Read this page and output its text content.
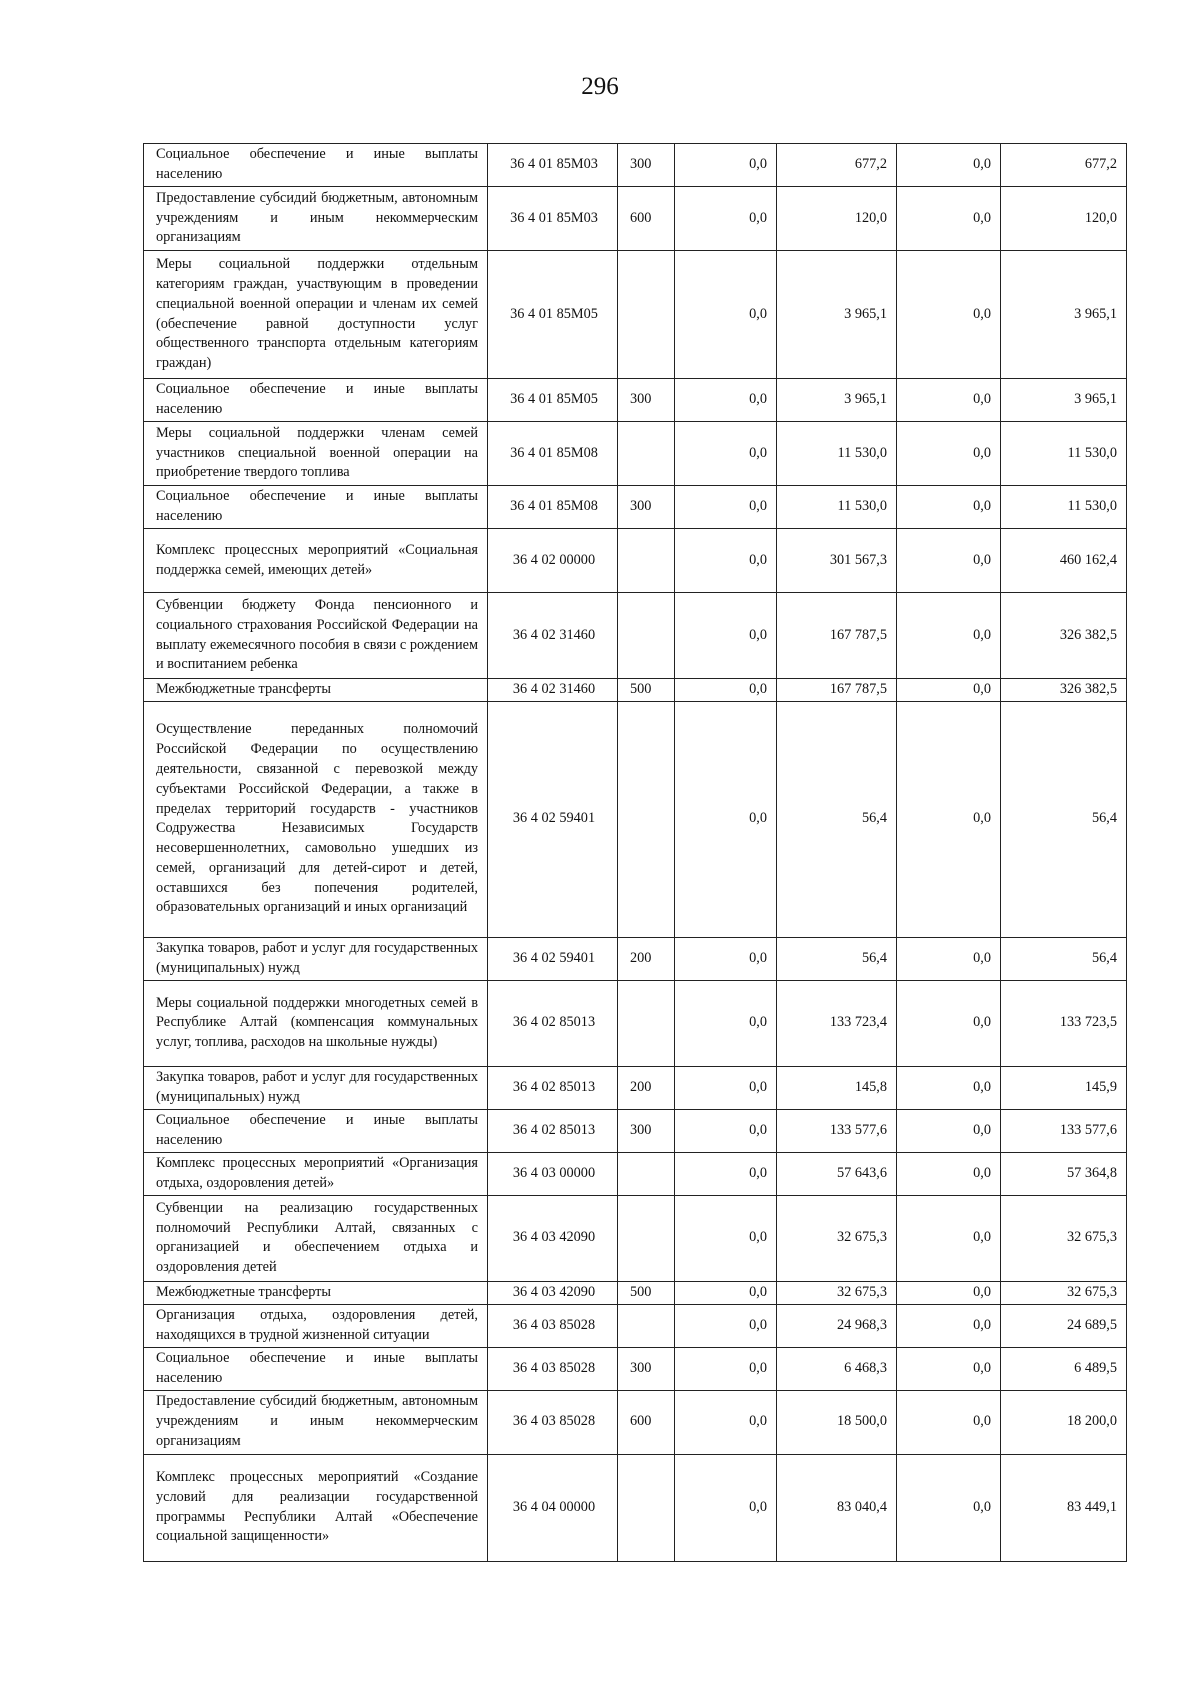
296
Социальное обеспечение и иные выплаты населению	36 4 01 85М03	300	0,0	677,2	0,0	677,2
Предоставление субсидий бюджетным, автономным учреждениям и иным некоммерческим организациям	36 4 01 85М03	600	0,0	120,0	0,0	120,0
Меры социальной поддержки отдельным категориям граждан, участвующим в проведении специальной военной операции и членам их семей (обеспечение равной доступности услуг общественного транспорта отдельным категориям граждан)	36 4 01 85М05		0,0	3 965,1	0,0	3 965,1
Социальное обеспечение и иные выплаты населению	36 4 01 85М05	300	0,0	3 965,1	0,0	3 965,1
Меры социальной поддержки членам семей участников специальной военной операции на приобретение твердого топлива	36 4 01 85М08		0,0	11 530,0	0,0	11 530,0
Социальное обеспечение и иные выплаты населению	36 4 01 85М08	300	0,0	11 530,0	0,0	11 530,0
Комплекс процессных мероприятий «Социальная поддержка семей, имеющих детей»	36 4 02 00000		0,0	301 567,3	0,0	460 162,4
Субвенции бюджету Фонда пенсионного и социального страхования Российской Федерации на выплату ежемесячного пособия в связи с рождением и воспитанием ребенка	36 4 02 31460		0,0	167 787,5	0,0	326 382,5
Межбюджетные трансферты	36 4 02 31460	500	0,0	167 787,5	0,0	326 382,5
Осуществление переданных полномочий Российской Федерации по осуществлению деятельности, связанной с перевозкой между субъектами Российской Федерации, а также в пределах территорий государств - участников Содружества Независимых Государств несовершеннолетних, самовольно ушедших из семей, организаций для детей-сирот и детей, оставшихся без попечения родителей, образовательных организаций и иных организаций	36 4 02 59401		0,0	56,4	0,0	56,4
Закупка товаров, работ и услуг для государственных (муниципальных) нужд	36 4 02 59401	200	0,0	56,4	0,0	56,4
Меры социальной поддержки многодетных семей в Республике Алтай (компенсация коммунальных услуг, топлива, расходов на школьные нужды)	36 4 02 85013		0,0	133 723,4	0,0	133 723,5
Закупка товаров, работ и услуг для государственных (муниципальных) нужд	36 4 02 85013	200	0,0	145,8	0,0	145,9
Социальное обеспечение и иные выплаты населению	36 4 02 85013	300	0,0	133 577,6	0,0	133 577,6
Комплекс процессных мероприятий «Организация отдыха, оздоровления детей»	36 4 03 00000		0,0	57 643,6	0,0	57 364,8
Субвенции на реализацию государственных полномочий Республики Алтай, связанных с организацией и обеспечением отдыха и оздоровления детей	36 4 03 42090		0,0	32 675,3	0,0	32 675,3
Межбюджетные трансферты	36 4 03 42090	500	0,0	32 675,3	0,0	32 675,3
Организация отдыха, оздоровления детей, находящихся в трудной жизненной ситуации	36 4 03 85028		0,0	24 968,3	0,0	24 689,5
Социальное обеспечение и иные выплаты населению	36 4 03 85028	300	0,0	6 468,3	0,0	6 489,5
Предоставление субсидий бюджетным, автономным учреждениям и иным некоммерческим организациям	36 4 03 85028	600	0,0	18 500,0	0,0	18 200,0
Комплекс процессных мероприятий «Создание условий для реализации государственной программы Республики Алтай «Обеспечение социальной защищенности»	36 4 04 00000		0,0	83 040,4	0,0	83 449,1
